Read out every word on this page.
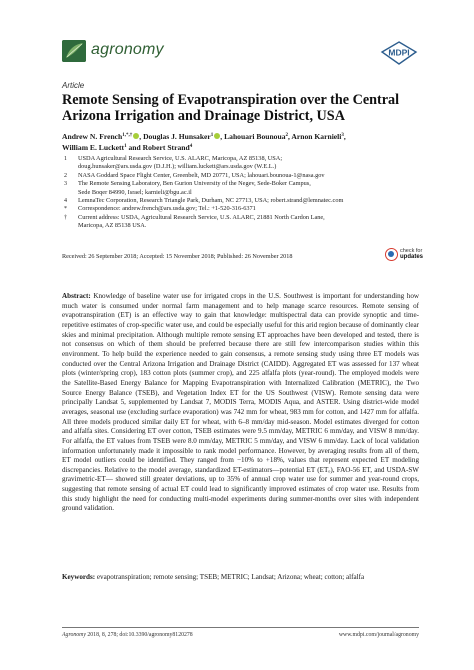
agronomy	MDPI
Article
Remote Sensing of Evapotranspiration over the Central Arizona Irrigation and Drainage District, USA
Andrew N. French$^{1,*,\dagger}$ , Douglas J. Hunsaker$^1$ , Lahouari Bounoua$^2$, Arnon Karnieli$^3$,
William E. Luckett$^1$ and Robert Strand$^4$
1 USDA Agricultural Research Service, U.S. ALARC, Maricopa, AZ 85138, USA;
doug.hunsaker@ars.usda.gov (D.J.H.); william.luckett@ars.usda.gov (W.E.L.)
2 NASA Goddard Space Flight Center, Greenbelt, MD 20771, USA; lahouari.bounoua-1@nasa.gov
3 The Remote Sensing Laboratory, Ben Gurion University of the Negev, Sede-Boker Campus,
Sede Boqer 84990, Israel; karnieli@bgu.ac.il
4 LemnaTec Corporation, Research Triangle Park, Durham, NC 27713, USA; robert.strand@lemnatec.com
* Correspondence: andrew.french@ars.usda.gov; Tel.: +1-520-316-6371
† Current address: USDA, Agricultural Research Service, U.S. ALARC, 21881 North Cardon Lane,
Maricopa, AZ 85138 USA.
Received: 26 September 2018; Accepted: 15 November 2018; Published: 26 November 2018
check for
updates
Abstract: Knowledge of baseline water use for irrigated crops in the U.S. Southwest is important for understanding how much water is consumed under normal farm management and to help manage scarce resources. Remote sensing of evapotranspiration (ET) is an effective way to gain that knowledge: multispectral data can provide synoptic and time-repetitive estimates of crop-specific water use, and could be especially useful for this arid region because of dominantly clear skies and minimal precipitation. Although multiple remote sensing ET approaches have been developed and tested, there is not consensus on which of them should be preferred because there are still few intercomparison studies within this environment. To help build the experience needed to gain consensus, a remote sensing study using three ET models was conducted over the Central Arizona Irrigation and Drainage District (CAIDD). Aggregated ET was assessed for 137 wheat plots (winter/spring crop), 183 cotton plots (summer crop), and 225 alfalfa plots (year-round). The employed models were the Satellite-Based Energy Balance for Mapping Evapotranspiration with Internalized Calibration (METRIC), the Two Source Energy Balance (TSEB), and Vegetation Index ET for the US Southwest (VISW). Remote sensing data were principally Landsat 5, supplemented by Landsat 7, MODIS Terra, MODIS Aqua, and ASTER. Using district-wide model averages, seasonal use (excluding surface evaporation) was 742 mm for wheat, 983 mm for cotton, and 1427 mm for alfalfa. All three models produced similar daily ET for wheat, with 6–8 mm/day mid-season. Model estimates diverged for cotton and alfalfa sites. Considering ET over cotton, TSEB estimates were 9.5 mm/day, METRIC 6 mm/day, and VISW 8 mm/day. For alfalfa, the ET values from TSEB were 8.0 mm/day, METRIC 5 mm/day, and VISW 6 mm/day. Lack of local validation information unfortunately made it impossible to rank model performance. However, by averaging results from all of them, ET model outliers could be identified. They ranged from −10% to +18%, values that represent expected ET modeling discrepancies. Relative to the model average, standardized ET-estimators—potential ET (ETₒ), FAO-56 ET, and USDA-SW gravimetric-ET— showed still greater deviations, up to 35% of annual crop water use for summer and year-round crops, suggesting that remote sensing of actual ET could lead to significantly improved estimates of crop water use. Results from this study highlight the need for conducting multi-model experiments during summer-months over sites with independent ground validation.
Keywords: evapotranspiration; remote sensing; TSEB; METRIC; Landsat; Arizona; wheat; cotton; alfalfa
Agronomy 2018, 8, 278; doi:10.3390/agronomy8120278	www.mdpi.com/journal/agronomy
